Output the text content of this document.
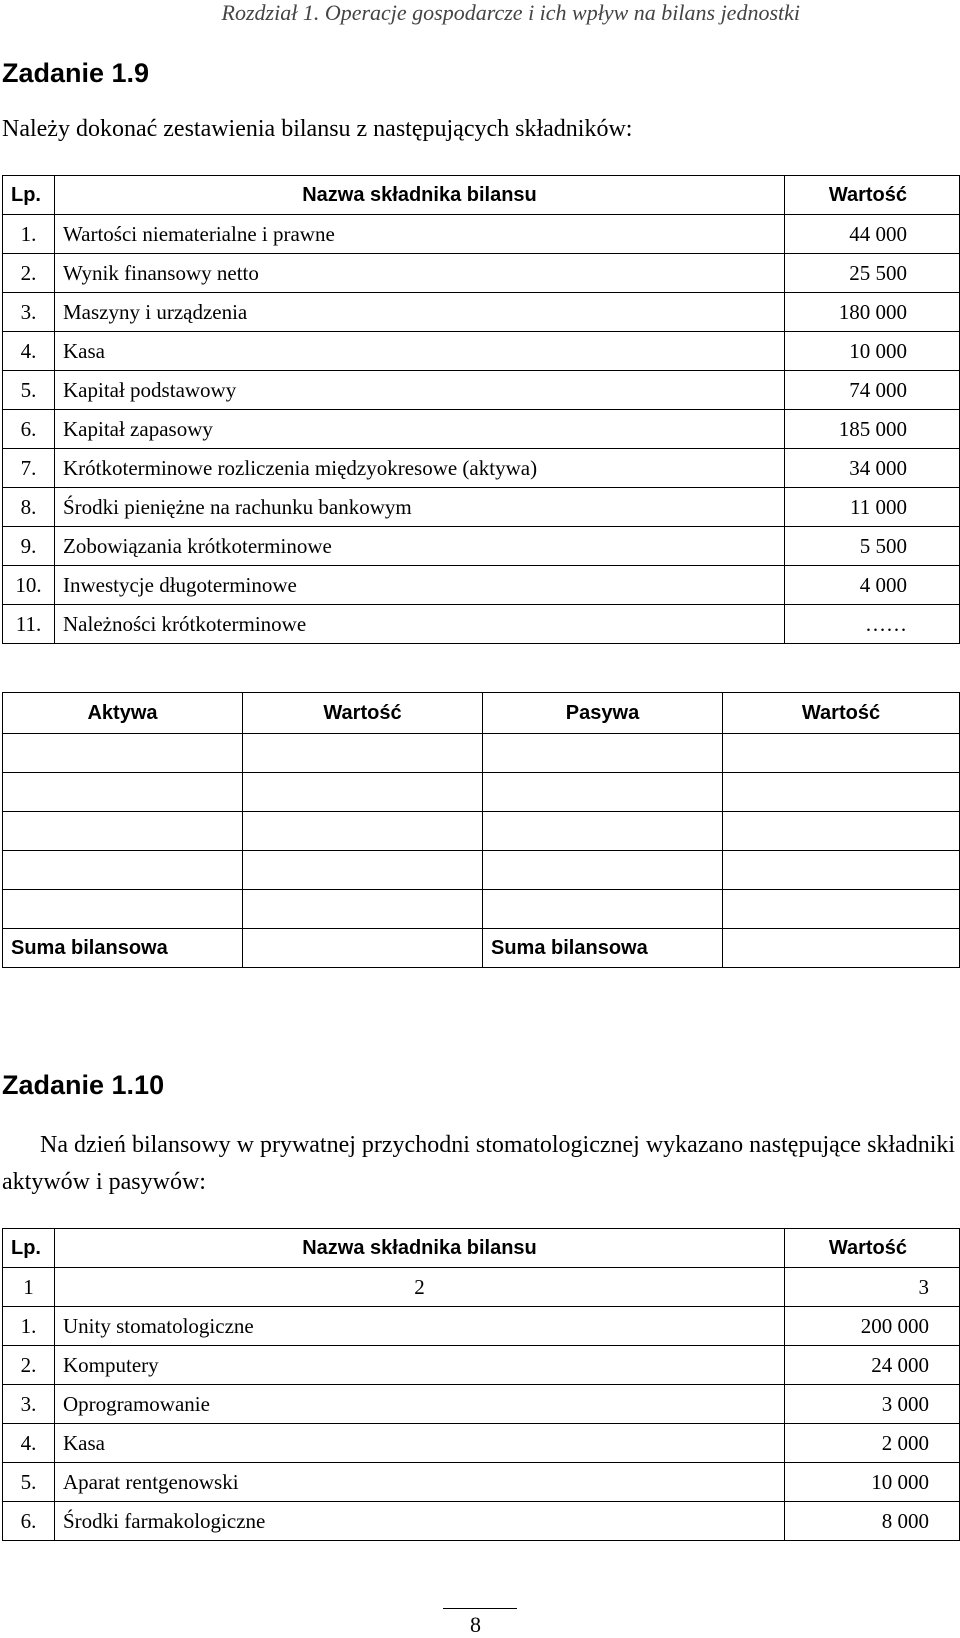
Rozdział 1. Operacje gospodarcze i ich wpływ na bilans jednostki
Zadanie 1.9
Należy dokonać zestawienia bilansu z następujących składników:
Lp.	Nazwa składnika bilansu	Wartość
1.	Wartości niematerialne i prawne	44 000
2.	Wynik finansowy netto	25 500
3.	Maszyny i urządzenia	180 000
4.	Kasa	10 000
5.	Kapitał podstawowy	74 000
6.	Kapitał zapasowy	185 000
7.	Krótkoterminowe rozliczenia międzyokresowe (aktywa)	34 000
8.	Środki pieniężne na rachunku bankowym	11 000
9.	Zobowiązania krótkoterminowe	5 500
10.	Inwestycje długoterminowe	4 000
11.	Należności krótkoterminowe	……
Aktywa	Wartość	Pasywa	Wartość

Suma bilansowa		Suma bilansowa	
Zadanie 1.10
Na dzień bilansowy w prywatnej przychodni stomatologicznej wykazano następujące składniki aktywów i pasywów:
Lp.	Nazwa składnika bilansu	Wartość
1	2	3
1.	Unity stomatologiczne	200 000
2.	Komputery	24 000
3.	Oprogramowanie	3 000
4.	Kasa	2 000
5.	Aparat rentgenowski	10 000
6.	Środki farmakologiczne	8 000
8
